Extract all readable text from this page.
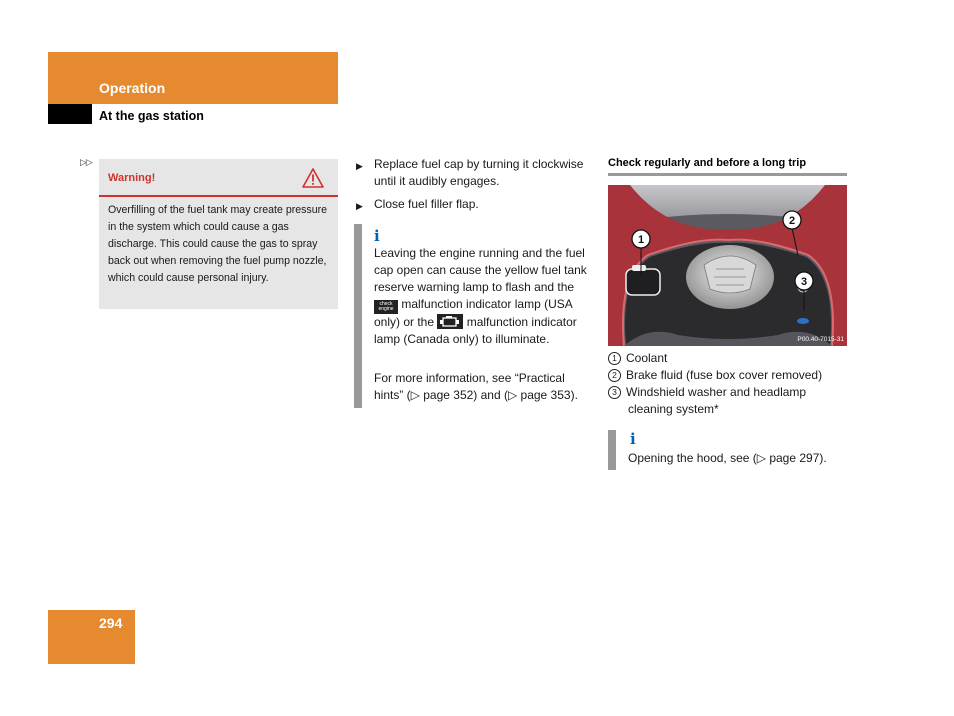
Operation
At the gas station
▷▷
Warning!
Overfilling of the fuel tank may create pressure in the system which could cause a gas discharge. This could cause the gas to spray back out when removing the fuel pump nozzle, which could cause personal injury.
▶ Replace fuel cap by turning it clockwise until it audibly engages.
▶ Close fuel filler flap.
i
Leaving the engine running and the fuel cap open can cause the yellow fuel tank reserve warning lamp to flash and the check engine malfunction indicator lamp (USA only) or the	malfunction indicator lamp (Canada only) to illuminate.
For more information, see “Practical hints” (▷ page 352) and (▷ page 353).
Check regularly and before a long trip
1
2
3
P00.40-7015-31
1 Coolant
2 Brake fluid (fuse box cover removed)
3 Windshield washer and headlamp
cleaning system*
i
Opening the hood, see (▷ page 297).
294
